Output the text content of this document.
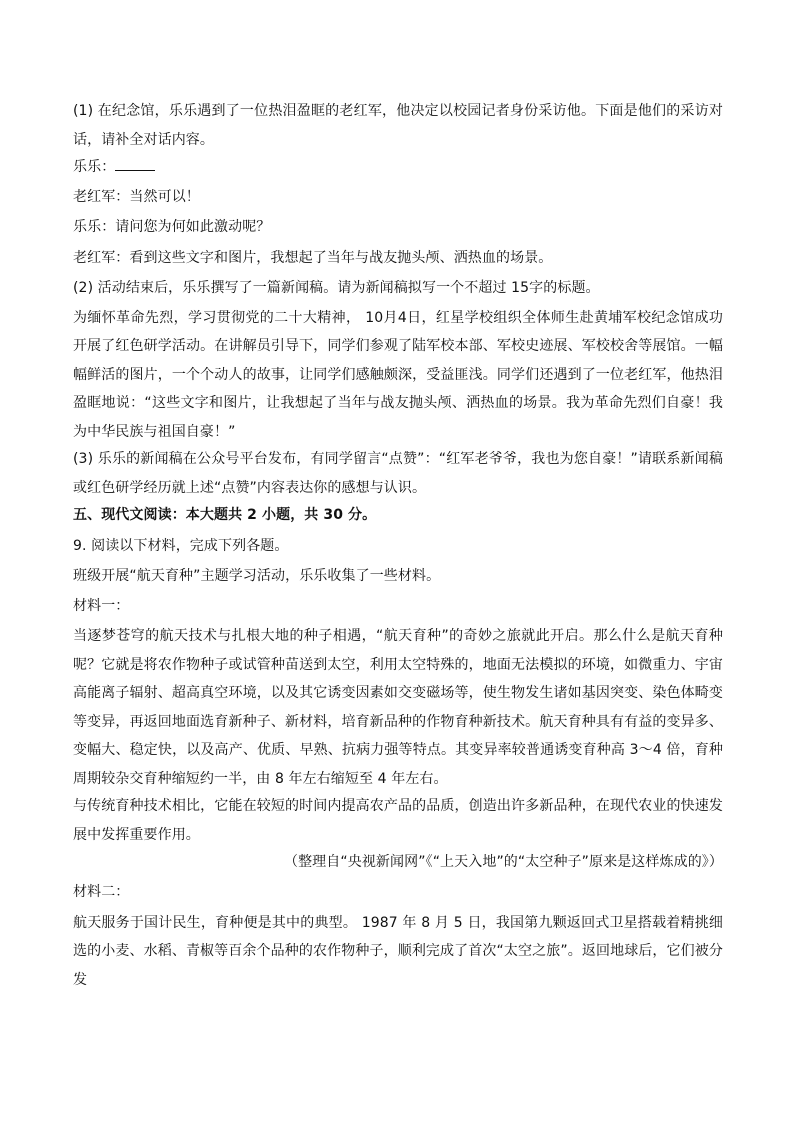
(1) 在纪念馆，乐乐遇到了一位热泪盈眶的老红军，他决定以校园记者身份采访他。下面是他们的采访对话，请补全对话内容。

乐乐：

老红军：当然可以！

乐乐：请问您为何如此激动呢？

老红军：看到这些文字和图片，我想起了当年与战友抛头颅、洒热血的场景。

(2) 活动结束后，乐乐撰写了一篇新闻稿。请为新闻稿拟写一个不超过 15字的标题。

为缅怀革命先烈，学习贯彻党的二十大精神， 10月4日，红星学校组织全体师生赴黄埔军校纪念馆成功开展了红色研学活动。在讲解员引导下，同学们参观了陆军校本部、军校史迹展、军校校舍等展馆。一幅幅鲜活的图片，一个个动人的故事，让同学们感触颇深，受益匪浅。同学们还遇到了一位老红军，他热泪盈眶地说：“这些文字和图片，让我想起了当年与战友抛头颅、洒热血的场景。我为革命先烈们自豪！我为中华民族与祖国自豪！”

(3) 乐乐的新闻稿在公众号平台发布，有同学留言“点赞”：“红军老爷爷，我也为您自豪！”请联系新闻稿或红色研学经历就上述“点赞”内容表达你的感想与认识。

五、现代文阅读：本大题共 2 小题，共 30 分。

9. 阅读以下材料，完成下列各题。

班级开展“航天育种”主题学习活动，乐乐收集了一些材料。

材料一：

当逐梦苍穹的航天技术与扎根大地的种子相遇，“航天育种”的奇妙之旅就此开启。那么什么是航天育种呢？它就是将农作物种子或试管种苗送到太空，利用太空特殊的，地面无法模拟的环境，如微重力、宇宙高能离子辐射、超高真空环境，以及其它诱变因素如交变磁场等，使生物发生诸如基因突变、染色体畸变等变异，再返回地面选育新种子、新材料，培育新品种的作物育种新技术。航天育种具有有益的变异多、变幅大、稳定快，以及高产、优质、早熟、抗病力强等特点。其变异率较普通诱变育种高 3～4 倍，育种周期较杂交育种缩短约一半，由 8 年左右缩短至 4 年左右。

与传统育种技术相比，它能在较短的时间内提高农产品的品质，创造出许多新品种，在现代农业的快速发展中发挥重要作用。

（整理自“央视新闻网”《“上天入地”的“太空种子”原来是这样炼成的》）

材料二：

航天服务于国计民生，育种便是其中的典型。 1987 年 8 月 5 日，我国第九颗返回式卫星搭载着精挑细选的小麦、水稻、青椒等百余个品种的农作物种子，顺利完成了首次“太空之旅”。返回地球后，它们被分发
